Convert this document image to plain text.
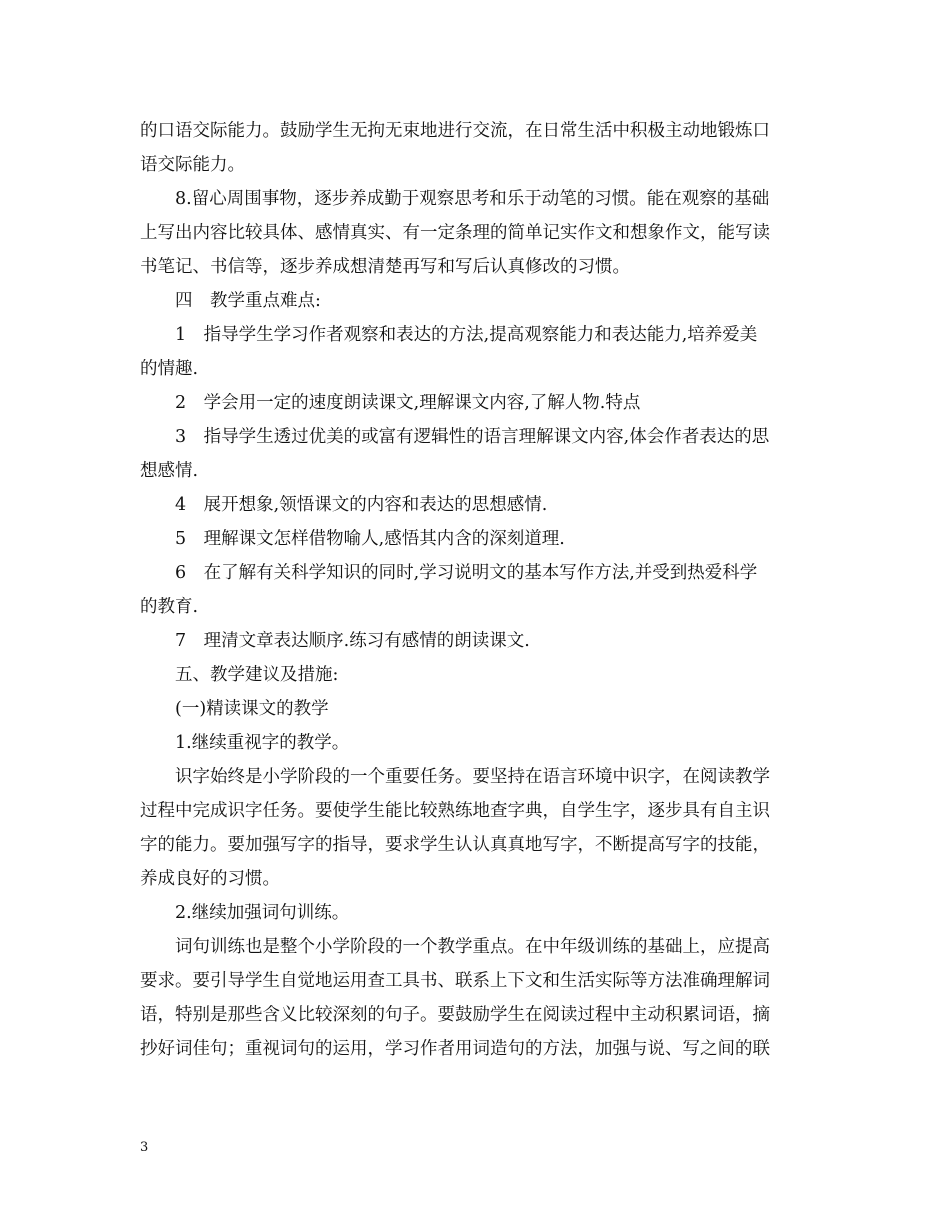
的口语交际能力。鼓励学生无拘无束地进行交流，在日常生活中积极主动地锻炼口
语交际能力。
8.留心周围事物，逐步养成勤于观察思考和乐于动笔的习惯。能在观察的基础
上写出内容比较具体、感情真实、有一定条理的简单记实作文和想象作文，能写读
书笔记、书信等，逐步养成想清楚再写和写后认真修改的习惯。
四　教学重点难点:
1　指导学生学习作者观察和表达的方法,提高观察能力和表达能力,培养爱美
的情趣.
2　学会用一定的速度朗读课文,理解课文内容,了解人物.特点
3　指导学生透过优美的或富有逻辑性的语言理解课文内容,体会作者表达的思
想感情.
4　展开想象,领悟课文的内容和表达的思想感情.
5　理解课文怎样借物喻人,感悟其内含的深刻道理.
6　在了解有关科学知识的同时,学习说明文的基本写作方法,并受到热爱科学
的教育.
7　理清文章表达顺序.练习有感情的朗读课文.
五、教学建议及措施:
(一)精读课文的教学
1.继续重视字的教学。
识字始终是小学阶段的一个重要任务。要坚持在语言环境中识字，在阅读教学
过程中完成识字任务。要使学生能比较熟练地查字典，自学生字，逐步具有自主识
字的能力。要加强写字的指导，要求学生认认真真地写字，不断提高写字的技能，
养成良好的习惯。
2.继续加强词句训练。
词句训练也是整个小学阶段的一个教学重点。在中年级训练的基础上，应提高
要求。要引导学生自觉地运用查工具书、联系上下文和生活实际等方法准确理解词
语，特别是那些含义比较深刻的句子。要鼓励学生在阅读过程中主动积累词语，摘
抄好词佳句；重视词句的运用，学习作者用词造句的方法，加强与说、写之间的联
3
